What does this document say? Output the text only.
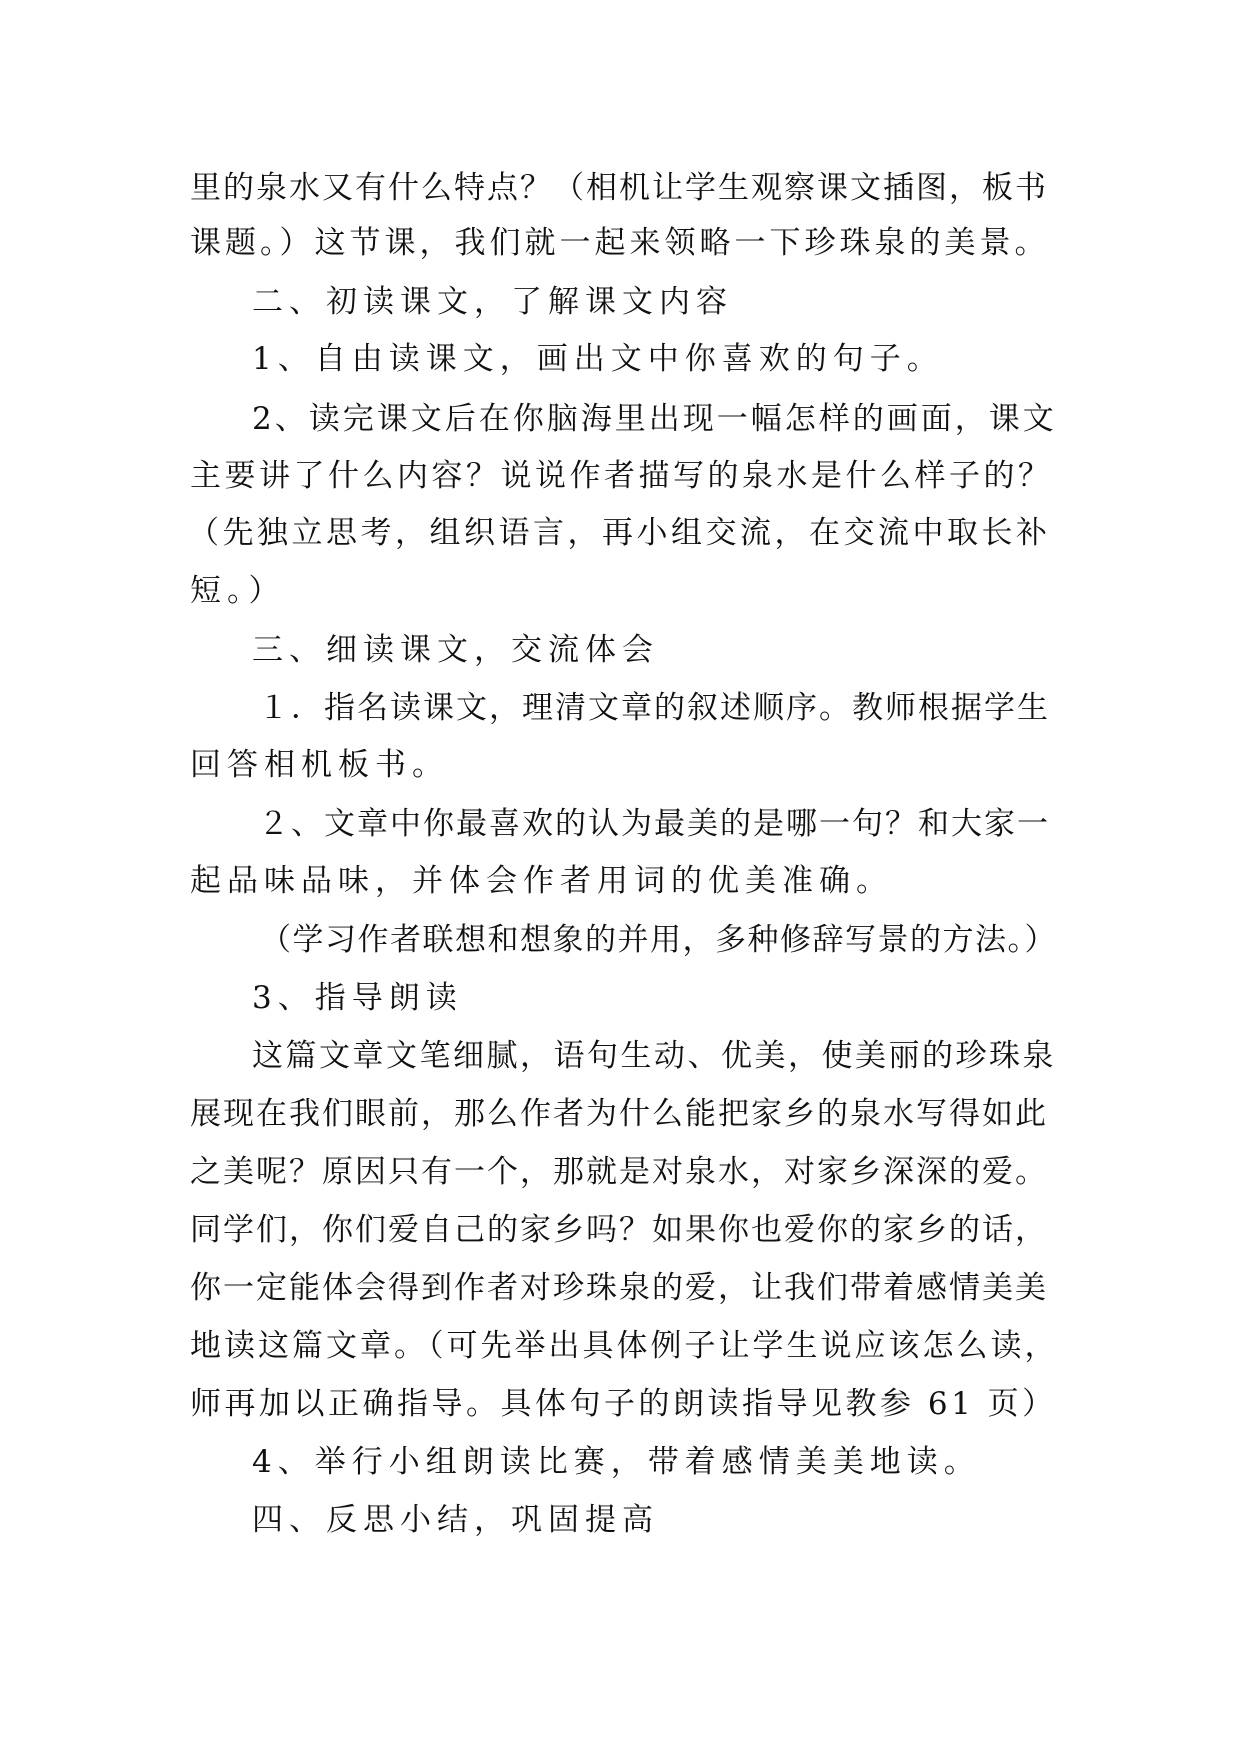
里的泉水又有什么特点？（相机让学生观察课文插图，板书
课题。）这节课，我们就一起来领略一下珍珠泉的美景。
二、初读课文，了解课文内容
1、自由读课文，画出文中你喜欢的句子。
2、读完课文后在你脑海里出现一幅怎样的画面，课文
主要讲了什么内容？说说作者描写的泉水是什么样子的？
（先独立思考，组织语言，再小组交流，在交流中取长补
短。）
三、细读课文，交流体会
１．指名读课文，理清文章的叙述顺序。教师根据学生
回答相机板书。
２、文章中你最喜欢的认为最美的是哪一句？和大家一
起品味品味，并体会作者用词的优美准确。
（学习作者联想和想象的并用，多种修辞写景的方法。）
3、指导朗读
这篇文章文笔细腻，语句生动、优美，使美丽的珍珠泉
展现在我们眼前，那么作者为什么能把家乡的泉水写得如此
之美呢？原因只有一个，那就是对泉水，对家乡深深的爱。
同学们，你们爱自己的家乡吗？如果你也爱你的家乡的话，
你一定能体会得到作者对珍珠泉的爱，让我们带着感情美美
地读这篇文章。（可先举出具体例子让学生说应该怎么读，
师再加以正确指导。具体句子的朗读指导见教参 61 页）
4、举行小组朗读比赛，带着感情美美地读。
四、反思小结，巩固提高
